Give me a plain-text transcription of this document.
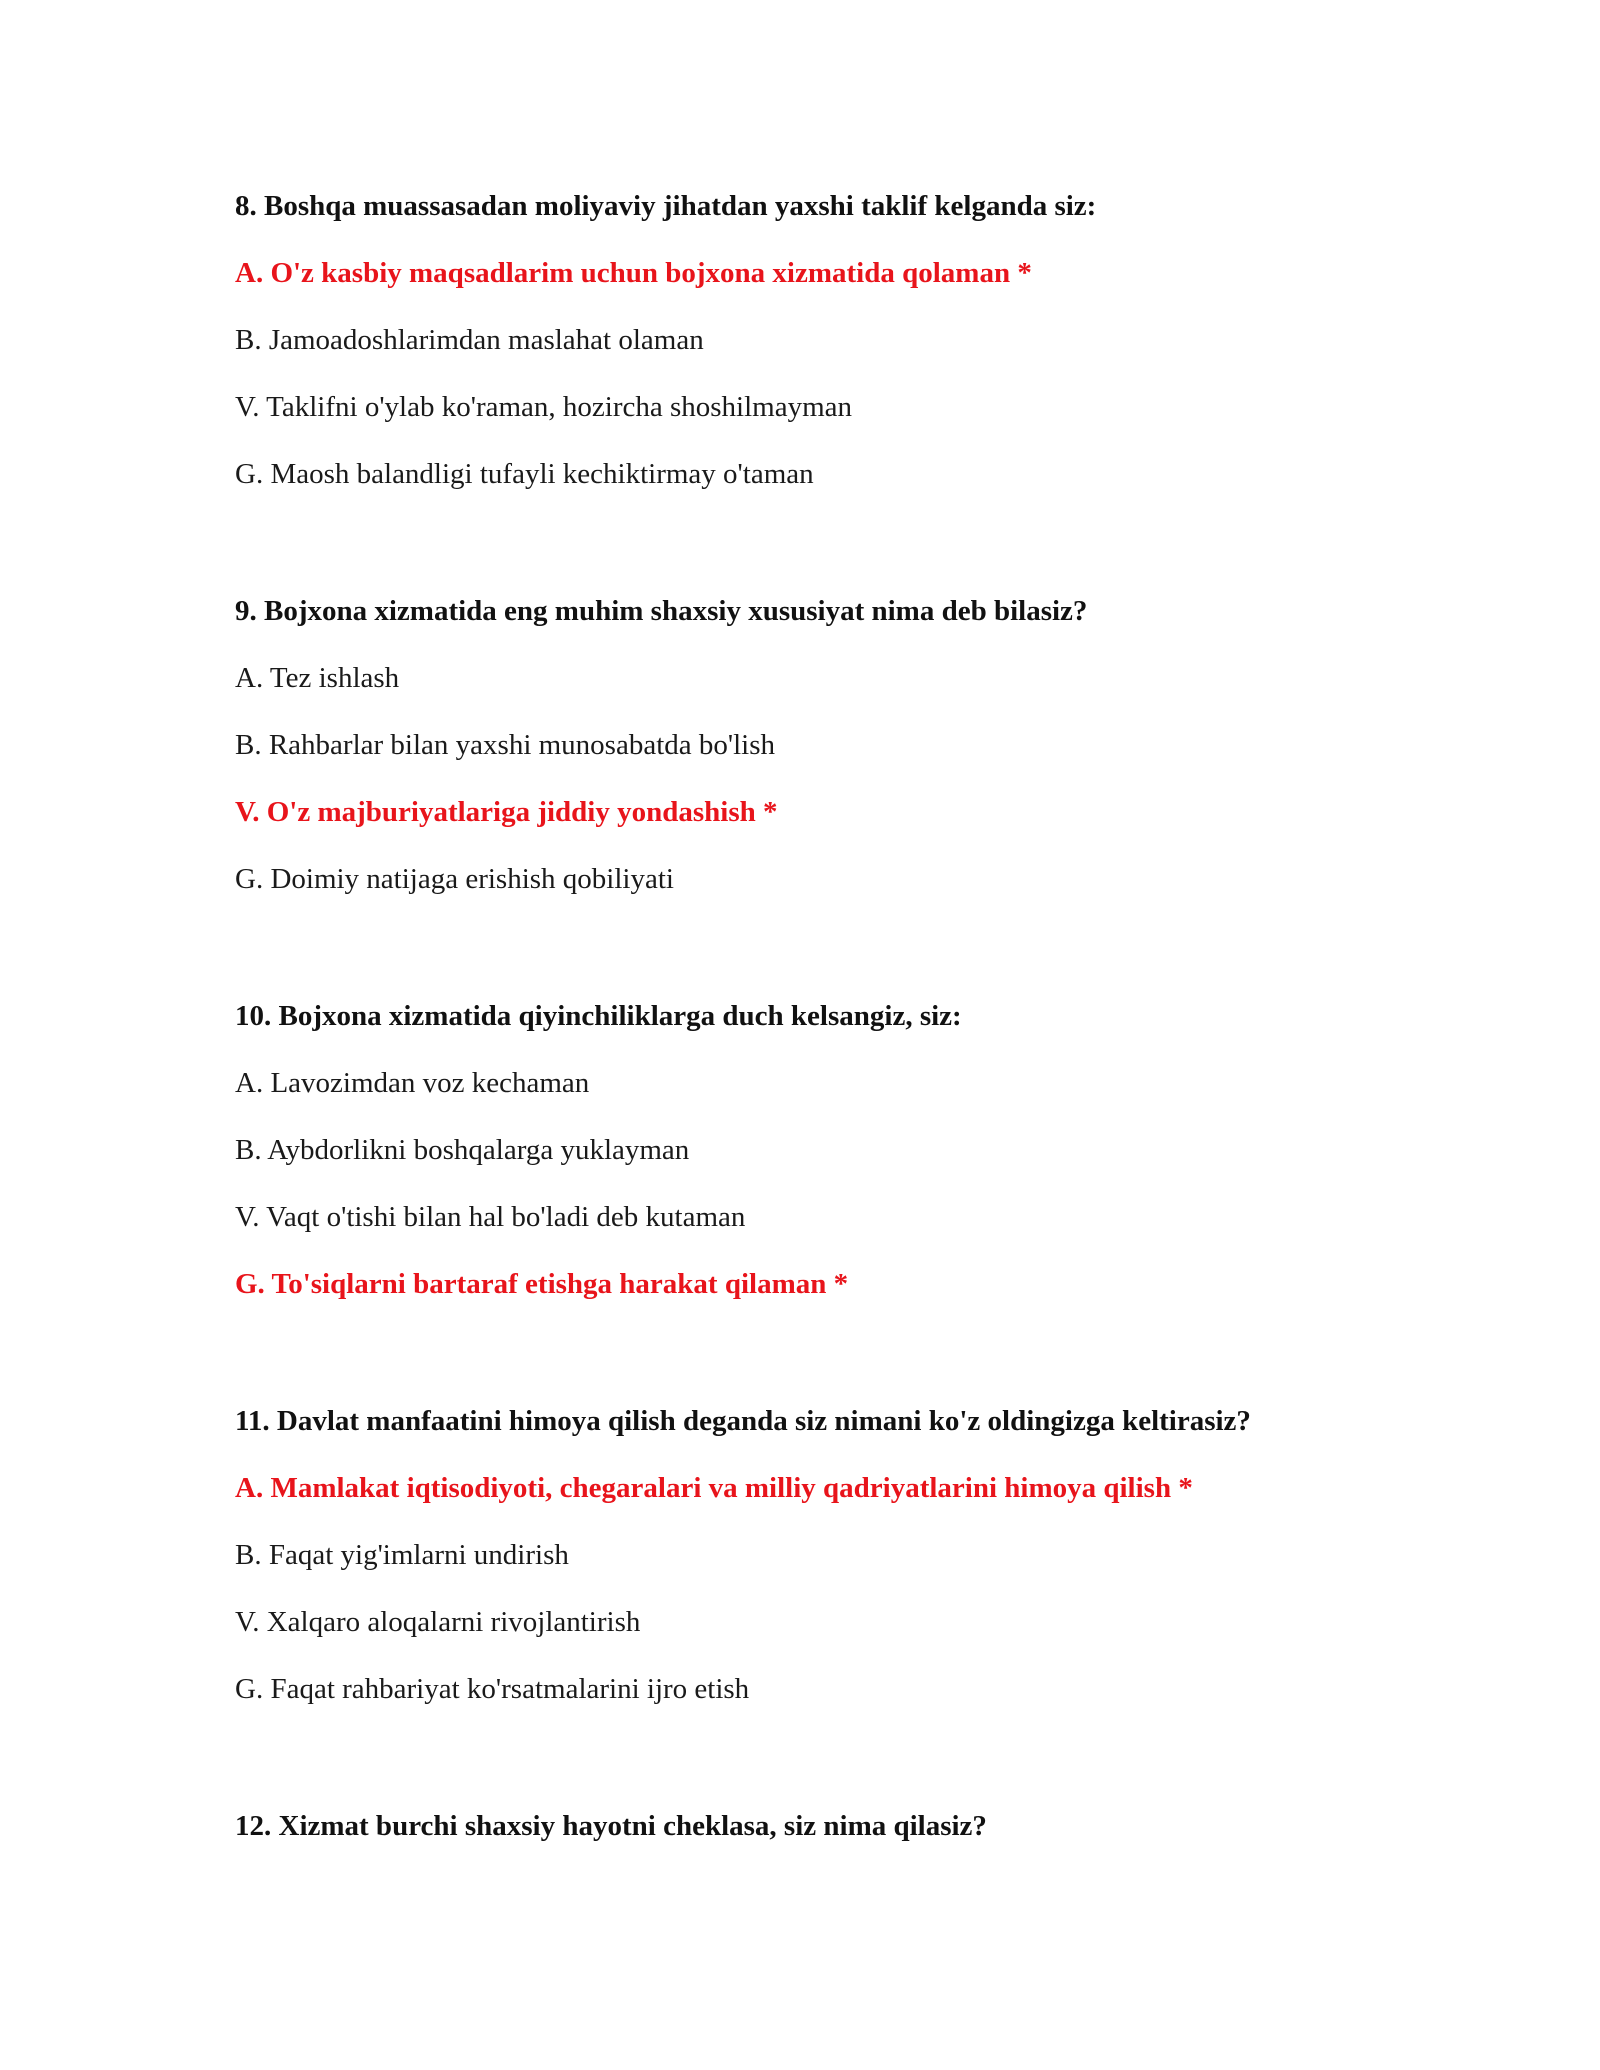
8. Boshqa muassasadan moliyaviy jihatdan yaxshi taklif kelganda siz:

A. O'z kasbiy maqsadlarim uchun bojxona xizmatida qolaman *
B. Jamoadoshlarimdan maslahat olaman
V. Taklifni o'ylab ko'raman, hozircha shoshilmayman
G. Maosh balandligi tufayli kechiktirmay o'taman

9. Bojxona xizmatida eng muhim shaxsiy xususiyat nima deb bilasiz?

A. Tez ishlash
B. Rahbarlar bilan yaxshi munosabatda bo'lish
V. O'z majburiyatlariga jiddiy yondashish *
G. Doimiy natijaga erishish qobiliyati

10. Bojxona xizmatida qiyinchiliklarga duch kelsangiz, siz:

A. Lavozimdan voz kechaman
B. Aybdorlikni boshqalarga yuklayman
V. Vaqt o'tishi bilan hal bo'ladi deb kutaman
G. To'siqlarni bartaraf etishga harakat qilaman *

11. Davlat manfaatini himoya qilish deganda siz nimani ko'z oldingizga keltirasiz?

A. Mamlakat iqtisodiyoti, chegaralari va milliy qadriyatlarini himoya qilish *
B. Faqat yig'imlarni undirish
V. Xalqaro aloqalarni rivojlantirish
G. Faqat rahbariyat ko'rsatmalarini ijro etish

12. Xizmat burchi shaxsiy hayotni cheklasa, siz nima qilasiz?
